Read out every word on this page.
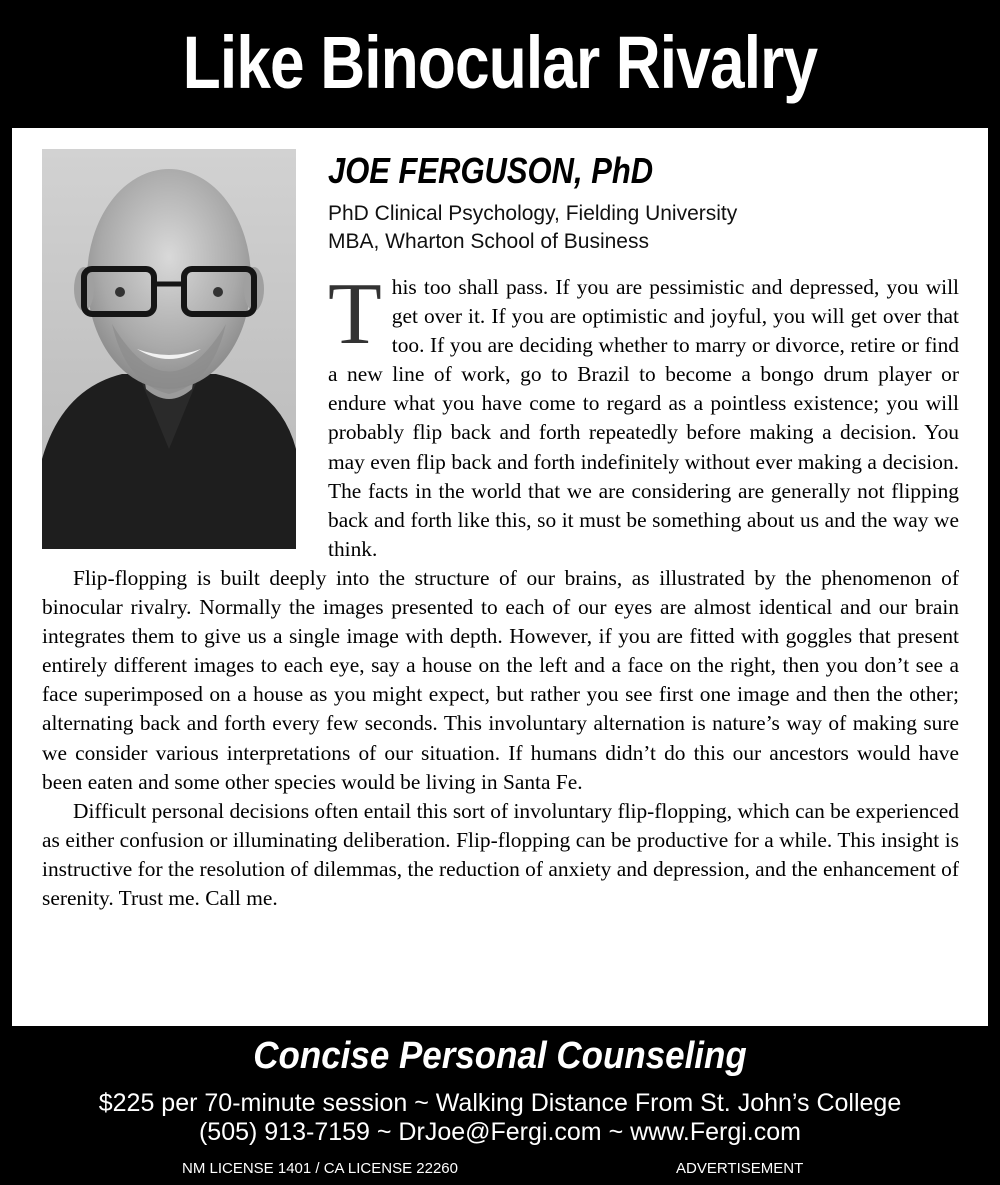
Like Binocular Rivalry
JOE FERGUSON, PhD
PhD Clinical Psychology, Fielding University
MBA, Wharton School of Business

This too shall pass. If you are pessimistic and depressed, you will get over it. If you are optimistic and joyful, you will get over that too. If you are deciding whether to marry or divorce, retire or find a new line of work, go to Brazil to become a bongo drum player or endure what you have come to regard as a pointless existence; you will probably flip back and forth repeatedly before making a decision. You may even flip back and forth indefinitely without ever making a decision. The facts in the world that we are considering are generally not flipping back and forth like this, so it must be something about us and the way we think.

Flip-flopping is built deeply into the structure of our brains, as illustrated by the phenomenon of binocular rivalry. Normally the images presented to each of our eyes are almost identical and our brain integrates them to give us a single image with depth. However, if you are fitted with goggles that present entirely different images to each eye, say a house on the left and a face on the right, then you don’t see a face superimposed on a house as you might expect, but rather you see first one image and then the other; alternating back and forth every few seconds. This involuntary alternation is nature’s way of making sure we consider various interpretations of our situation. If humans didn’t do this our ancestors would have been eaten and some other species would be living in Santa Fe.

Difficult personal decisions often entail this sort of involuntary flip-flopping, which can be experienced as either confusion or illuminating deliberation. Flip-flopping can be productive for a while. This insight is instructive for the resolution of dilemmas, the reduction of anxiety and depression, and the enhancement of serenity. Trust me. Call me.

Concise Personal Counseling
$225 per 70-minute session ~ Walking Distance From St. John’s College
(505) 913-7159 ~ DrJoe@Fergi.com ~ www.Fergi.com
NM LICENSE 1401 / CA LICENSE 22260	ADVERTISEMENT
